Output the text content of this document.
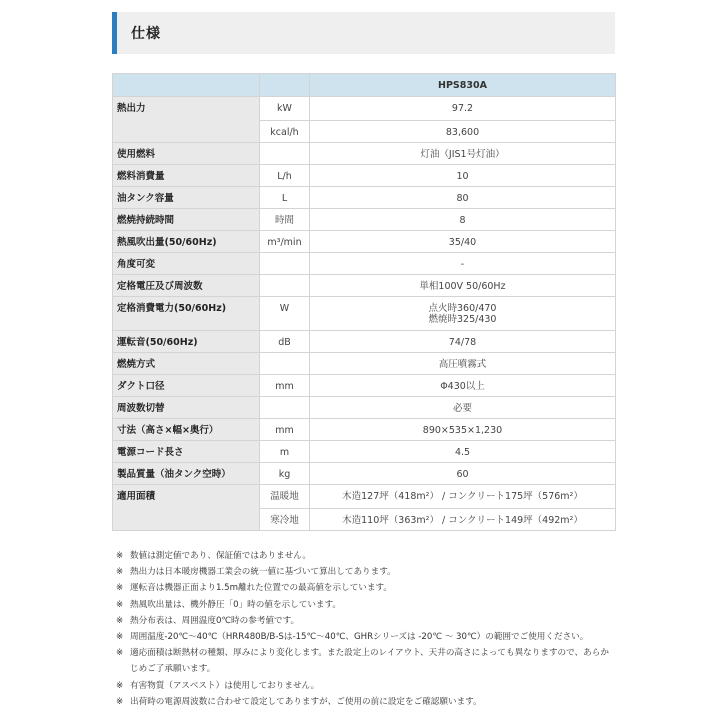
仕様
		HPS830A

熱出力	kW	97.2

	kcal/h	83,600

使用燃料		灯油（JIS1号灯油）

燃料消費量	L/h	10

油タンク容量	L	80

燃焼持続時間	時間	8

熱風吹出量(50/60Hz)	m³/min	35/40

角度可変		-

定格電圧及び周波数		単相100V 50/60Hz

定格消費電力(50/60Hz)	W	点火時360/470
燃焼時325/430

運転音(50/60Hz)	dB	74/78

燃焼方式		高圧噴霧式

ダクト口径	mm	Φ430以上

周波数切替		必要

寸法（高さ×幅×奥行）	mm	890×535×1,230

電源コード長さ	m	4.5

製品質量（油タンク空時）	kg	60

適用面積	温暖地	木造127坪（418m²） / コンクリート175坪（576m²）

	寒冷地	木造110坪（363m²） / コンクリート149坪（492m²）
※ 数値は測定値であり、保証値ではありません。
※ 熱出力は日本暖房機器工業会の統一値に基づいて算出してあります。
※ 運転音は機器正面より1.5m離れた位置での最高値を示しています。
※ 熱風吹出量は、機外静圧「0」時の値を示しています。
※ 熱分布表は、周囲温度0℃時の参考値です。
※ 周囲温度-20℃～40℃（HRR480B/B-Sは-15℃～40℃、GHRシリーズは -20℃ ～ 30℃）の範囲でご使用ください。
※ 適応面積は断熱材の種類、厚みにより変化します。また設定上のレイアウト、天井の高さによっても異なりますので、あらかじめご了承願います。
※ 有害物質（アスベスト）は使用しておりません。
※ 出荷時の電源周波数に合わせて設定してありますが、ご使用の前に設定をご確認願います。
